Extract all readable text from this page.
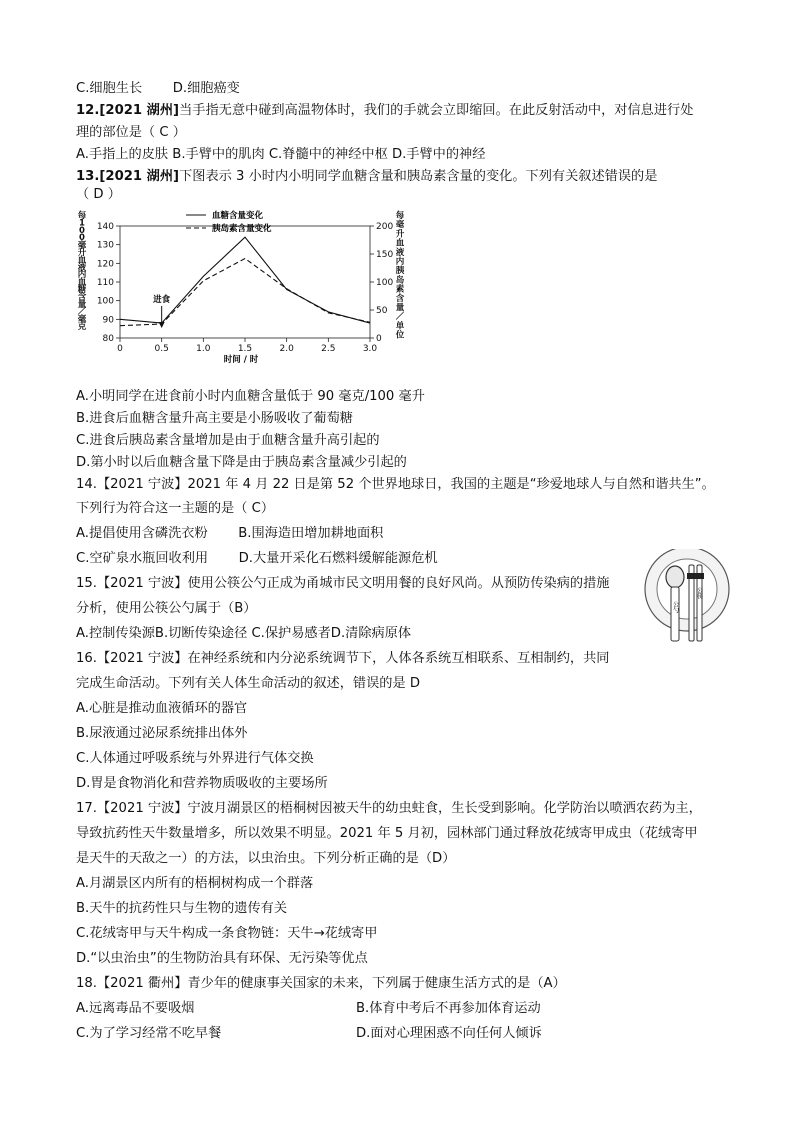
C.细胞生长　　 D.细胞癌变
12.[2021 湖州]当手指无意中碰到高温物体时，我们的手就会立即缩回。在此反射活动中，对信息进行处
理的部位是（ C ）
A.手指上的皮肤 B.手臂中的肌肉 C.脊髓中的神经中枢 D.手臂中的神经
13.[2021 湖州]下图表示 3 小时内小明同学血糖含量和胰岛素含量的变化。下列有关叙述错误的是
（ D ）
每
1
0
0
毫
升
血
液
内
血
糖
含
量
／
毫
克
每
毫
升
血
液
内
胰
岛
素
含
量
／
单
位
80
90
100
110
120
130
140
0
50
100
150
200
0	0.5	1.0	1.5	2.0	2.5	3.0
时间 / 时
血糖含量变化
胰岛素含量变化
进食
A.小明同学在进食前小时内血糖含量低于 90 毫克/100 毫升
B.进食后血糖含量升高主要是小肠吸收了葡萄糖
C.进食后胰岛素含量增加是由于血糖含量升高引起的
D.第小时以后血糖含量下降是由于胰岛素含量减少引起的
14.【2021 宁波】2021 年 4 月 22 日是第 52 个世界地球日，我国的主题是“珍爱地球人与自然和谐共生”。
下列行为符合这一主题的是（ C）
A.提倡使用含磷洗衣粉　　 B.围海造田增加耕地面积
C.空矿泉水瓶回收利用　　 D.大量开采化石燃料缓解能源危机
15.【2021 宁波】使用公筷公勺正成为甬城市民文明用餐的良好风尚。从预防传染病的措施
分析，使用公筷公勺属于（B）
A.控制传染源B.切断传染途径 C.保护易感者D.清除病原体
公勺
公筷
16.【2021 宁波】在神经系统和内分泌系统调节下，人体各系统互相联系、互相制约，共同
完成生命活动。下列有关人体生命活动的叙述，错误的是 D
A.心脏是推动血液循环的器官
B.尿液通过泌尿系统排出体外
C.人体通过呼吸系统与外界进行气体交换
D.胃是食物消化和营养物质吸收的主要场所
17.【2021 宁波】宁波月湖景区的梧桐树因被天牛的幼虫蛀食，生长受到影响。化学防治以喷洒农药为主，
导致抗药性天牛数量增多，所以效果不明显。2021 年 5 月初，园林部门通过释放花绒寄甲成虫（花绒寄甲
是天牛的天敌之一）的方法，以虫治虫。下列分析正确的是（D）
A.月湖景区内所有的梧桐树构成一个群落
B.天牛的抗药性只与生物的遗传有关
C.花绒寄甲与天牛构成一条食物链：天牛→花绒寄甲
D.“以虫治虫”的生物防治具有环保、无污染等优点
18.【2021 衢州】青少年的健康事关国家的未来，下列属于健康生活方式的是（A）
A.远离毒品不要吸烟	B.体育中考后不再参加体育运动
C.为了学习经常不吃早餐	D.面对心理困惑不向任何人倾诉
